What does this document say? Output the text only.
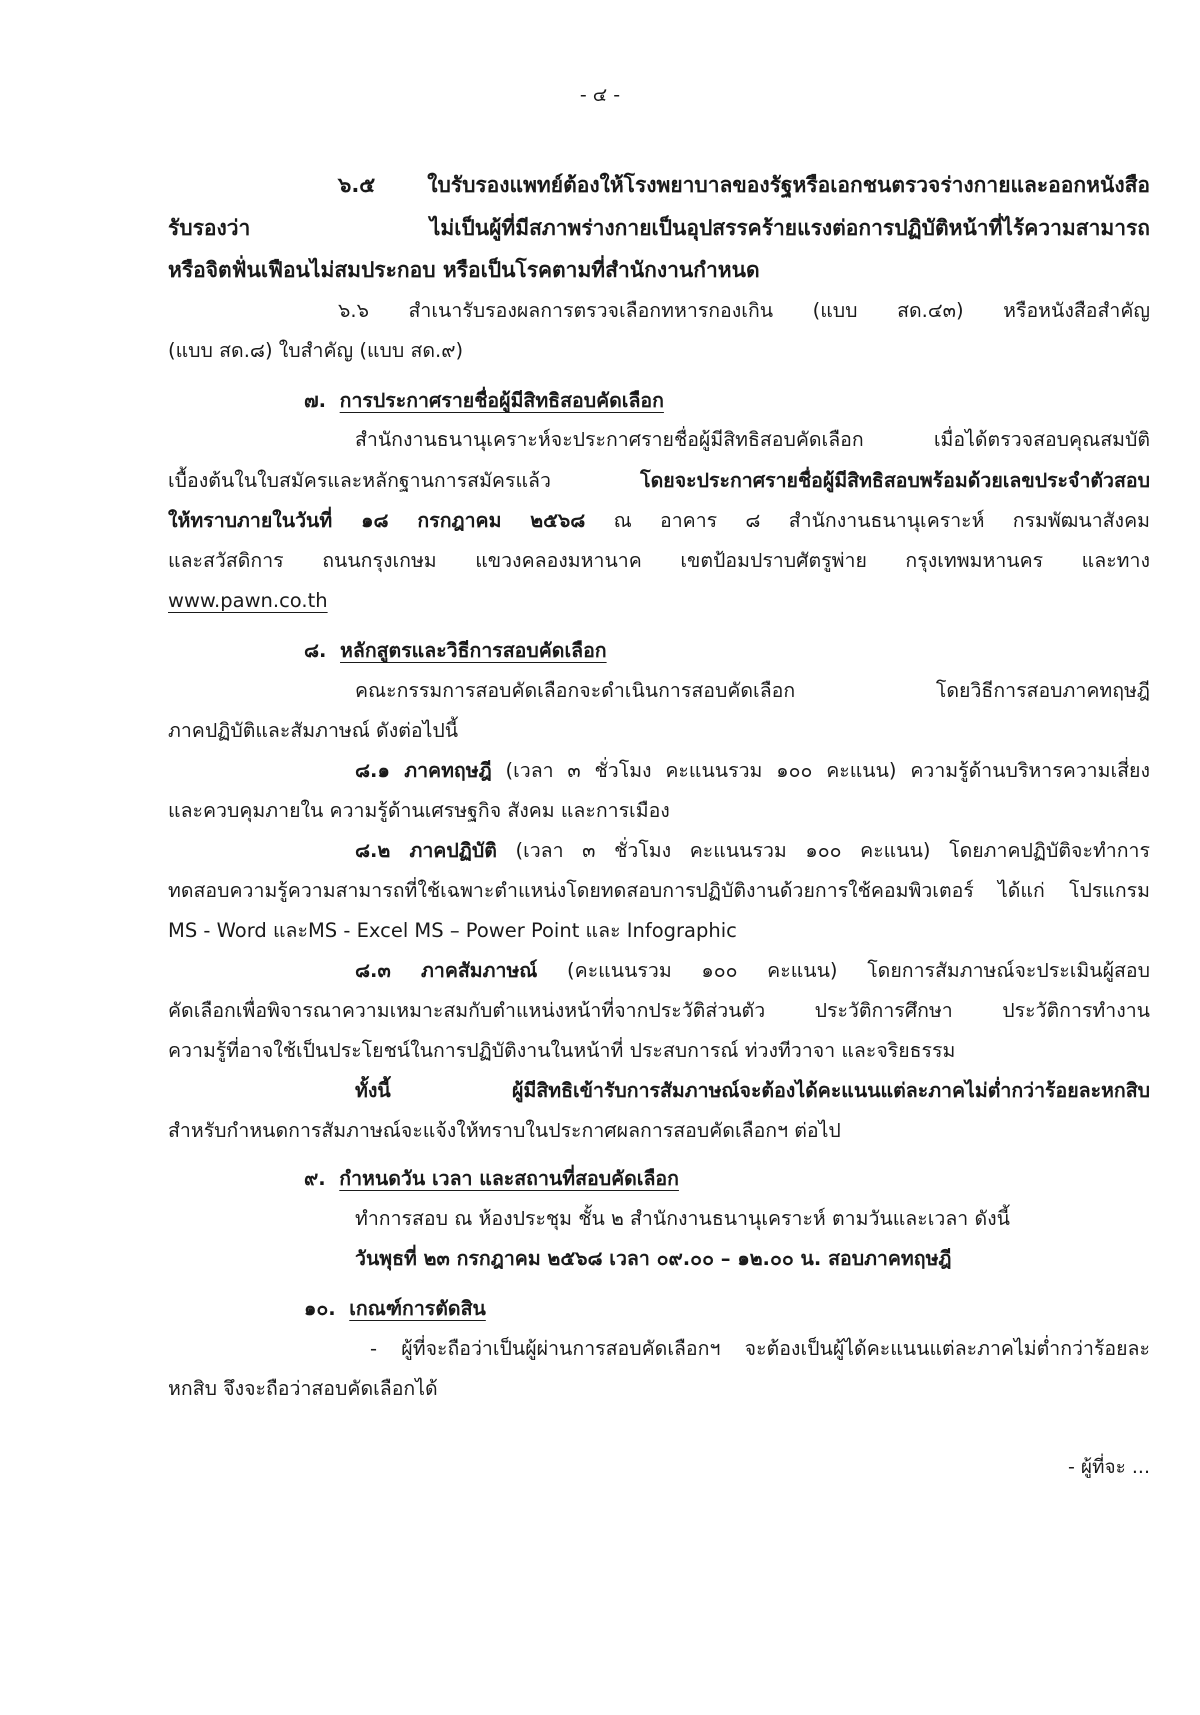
- ๔ -
๖.๕ ใบรับรองแพทย์ต้องให้โรงพยาบาลของรัฐหรือเอกชนตรวจร่างกายและออกหนังสือ
รับรองว่า ไม่เป็นผู้ที่มีสภาพร่างกายเป็นอุปสรรคร้ายแรงต่อการปฏิบัติหน้าที่ไร้ความสามารถ
หรือจิตฟั่นเฟือนไม่สมประกอบ หรือเป็นโรคตามที่สำนักงานกำหนด
๖.๖ สำเนารับรองผลการตรวจเลือกทหารกองเกิน (แบบ สด.๔๓) หรือหนังสือสำคัญ
(แบบ สด.๘) ใบสำคัญ (แบบ สด.๙)
๗. การประกาศรายชื่อผู้มีสิทธิสอบคัดเลือก
สำนักงานธนานุเคราะห์จะประกาศรายชื่อผู้มีสิทธิสอบคัดเลือก เมื่อได้ตรวจสอบคุณสมบัติ
เบื้องต้นในใบสมัครและหลักฐานการสมัครแล้ว โดยจะประกาศรายชื่อผู้มีสิทธิสอบพร้อมด้วยเลขประจำตัวสอบ
ให้ทราบภายในวันที่ ๑๘ กรกฎาคม ๒๕๖๘ ณ อาคาร ๘ สำนักงานธนานุเคราะห์ กรมพัฒนาสังคม
และสวัสดิการ ถนนกรุงเกษม แขวงคลองมหานาค เขตป้อมปราบศัตรูพ่าย กรุงเทพมหานคร และทาง
www.pawn.co.th
๘. หลักสูตรและวิธีการสอบคัดเลือก
คณะกรรมการสอบคัดเลือกจะดำเนินการสอบคัดเลือก โดยวิธีการสอบภาคทฤษฎี
ภาคปฏิบัติและสัมภาษณ์ ดังต่อไปนี้
๘.๑ ภาคทฤษฎี (เวลา ๓ ชั่วโมง คะแนนรวม ๑๐๐ คะแนน) ความรู้ด้านบริหารความเสี่ยง
และควบคุมภายใน ความรู้ด้านเศรษฐกิจ สังคม และการเมือง
๘.๒ ภาคปฏิบัติ (เวลา ๓ ชั่วโมง คะแนนรวม ๑๐๐ คะแนน) โดยภาคปฏิบัติจะทำการ
ทดสอบความรู้ความสามารถที่ใช้เฉพาะตำแหน่งโดยทดสอบการปฏิบัติงานด้วยการใช้คอมพิวเตอร์ ได้แก่ โปรแกรม
MS - Word และMS - Excel MS – Power Point และ Infographic
๘.๓ ภาคสัมภาษณ์ (คะแนนรวม ๑๐๐ คะแนน) โดยการสัมภาษณ์จะประเมินผู้สอบ
คัดเลือกเพื่อพิจารณาความเหมาะสมกับตำแหน่งหน้าที่จากประวัติส่วนตัว ประวัติการศึกษา ประวัติการทำงาน
ความรู้ที่อาจใช้เป็นประโยชน์ในการปฏิบัติงานในหน้าที่ ประสบการณ์ ท่วงทีวาจา และจริยธรรม
ทั้งนี้ ผู้มีสิทธิเข้ารับการสัมภาษณ์จะต้องได้คะแนนแต่ละภาคไม่ต่ำกว่าร้อยละหกสิบ
สำหรับกำหนดการสัมภาษณ์จะแจ้งให้ทราบในประกาศผลการสอบคัดเลือกฯ ต่อไป
๙. กำหนดวัน เวลา และสถานที่สอบคัดเลือก
ทำการสอบ ณ ห้องประชุม ชั้น ๒ สำนักงานธนานุเคราะห์ ตามวันและเวลา ดังนี้
วันพุธที่ ๒๓ กรกฎาคม ๒๕๖๘ เวลา ๐๙.๐๐ – ๑๒.๐๐ น. สอบภาคทฤษฎี
๑๐. เกณฑ์การตัดสิน
- ผู้ที่จะถือว่าเป็นผู้ผ่านการสอบคัดเลือกฯ จะต้องเป็นผู้ได้คะแนนแต่ละภาคไม่ต่ำกว่าร้อยละ
หกสิบ จึงจะถือว่าสอบคัดเลือกได้
- ผู้ที่จะ ...
